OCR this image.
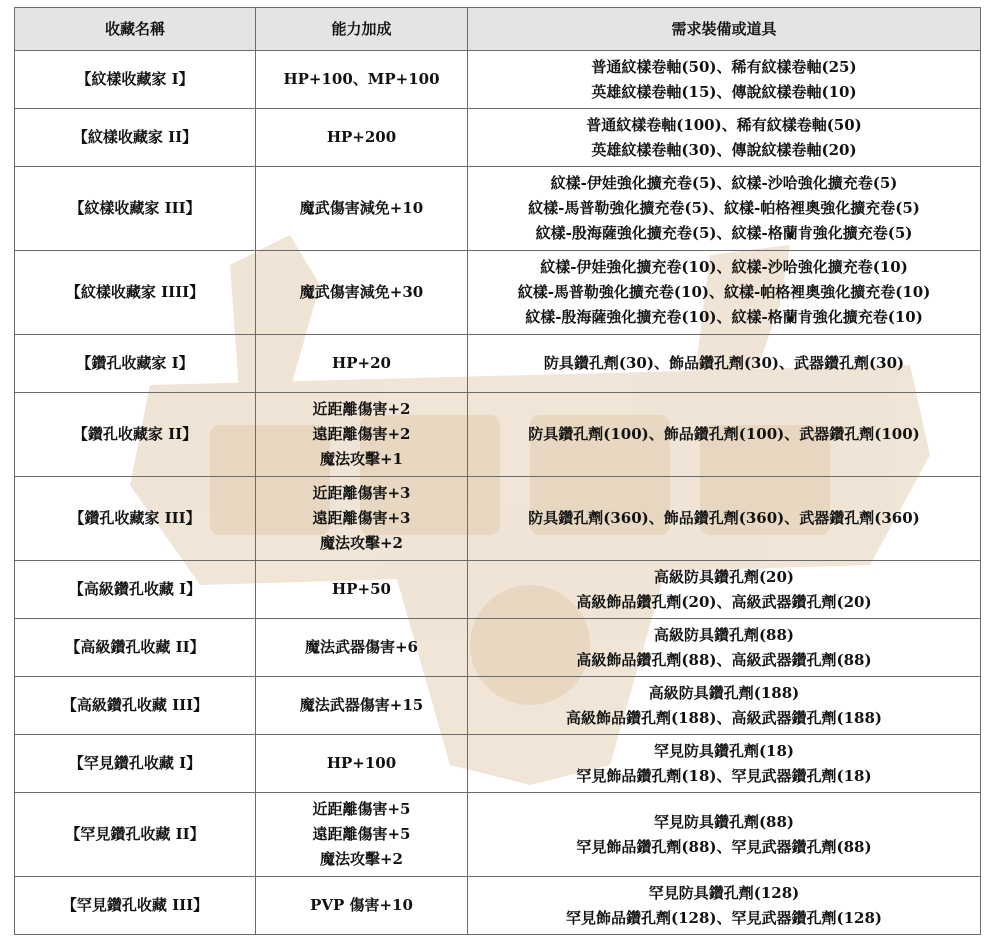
收藏名稱	能力加成	需求裝備或道具
【紋樣收藏家 I】	HP+100、MP+100	普通紋樣卷軸(50)、稀有紋樣卷軸(25)
英雄紋樣卷軸(15)、傳說紋樣卷軸(10)

【紋樣收藏家 II】	HP+200	普通紋樣卷軸(100)、稀有紋樣卷軸(50)
英雄紋樣卷軸(30)、傳說紋樣卷軸(20)

【紋樣收藏家 III】	魔武傷害減免+10	紋樣-伊娃強化擴充卷(5)、紋樣-沙哈強化擴充卷(5)
紋樣-馬普勒強化擴充卷(5)、紋樣-帕格裡奧強化擴充卷(5)
紋樣-殷海薩強化擴充卷(5)、紋樣-格蘭肯強化擴充卷(5)

【紋樣收藏家 IIII】	魔武傷害減免+30	紋樣-伊娃強化擴充卷(10)、紋樣-沙哈強化擴充卷(10)
紋樣-馬普勒強化擴充卷(10)、紋樣-帕格裡奧強化擴充卷(10)
紋樣-殷海薩強化擴充卷(10)、紋樣-格蘭肯強化擴充卷(10)

【鑽孔收藏家 I】	HP+20	防具鑽孔劑(30)、飾品鑽孔劑(30)、武器鑽孔劑(30)

【鑽孔收藏家 II】	近距離傷害+2
遠距離傷害+2
魔法攻擊+1	防具鑽孔劑(100)、飾品鑽孔劑(100)、武器鑽孔劑(100)

【鑽孔收藏家 III】	近距離傷害+3
遠距離傷害+3
魔法攻擊+2	防具鑽孔劑(360)、飾品鑽孔劑(360)、武器鑽孔劑(360)

【高級鑽孔收藏 I】	HP+50	高級防具鑽孔劑(20)
高級飾品鑽孔劑(20)、高級武器鑽孔劑(20)

【高級鑽孔收藏 II】	魔法武器傷害+6	高級防具鑽孔劑(88)
高級飾品鑽孔劑(88)、高級武器鑽孔劑(88)

【高級鑽孔收藏 III】	魔法武器傷害+15	高級防具鑽孔劑(188)
高級飾品鑽孔劑(188)、高級武器鑽孔劑(188)

【罕見鑽孔收藏 I】	HP+100	罕見防具鑽孔劑(18)
罕見飾品鑽孔劑(18)、罕見武器鑽孔劑(18)

【罕見鑽孔收藏 II】	近距離傷害+5
遠距離傷害+5
魔法攻擊+2	罕見防具鑽孔劑(88)
罕見飾品鑽孔劑(88)、罕見武器鑽孔劑(88)

【罕見鑽孔收藏 III】	PVP 傷害+10	罕見防具鑽孔劑(128)
罕見飾品鑽孔劑(128)、罕見武器鑽孔劑(128)
